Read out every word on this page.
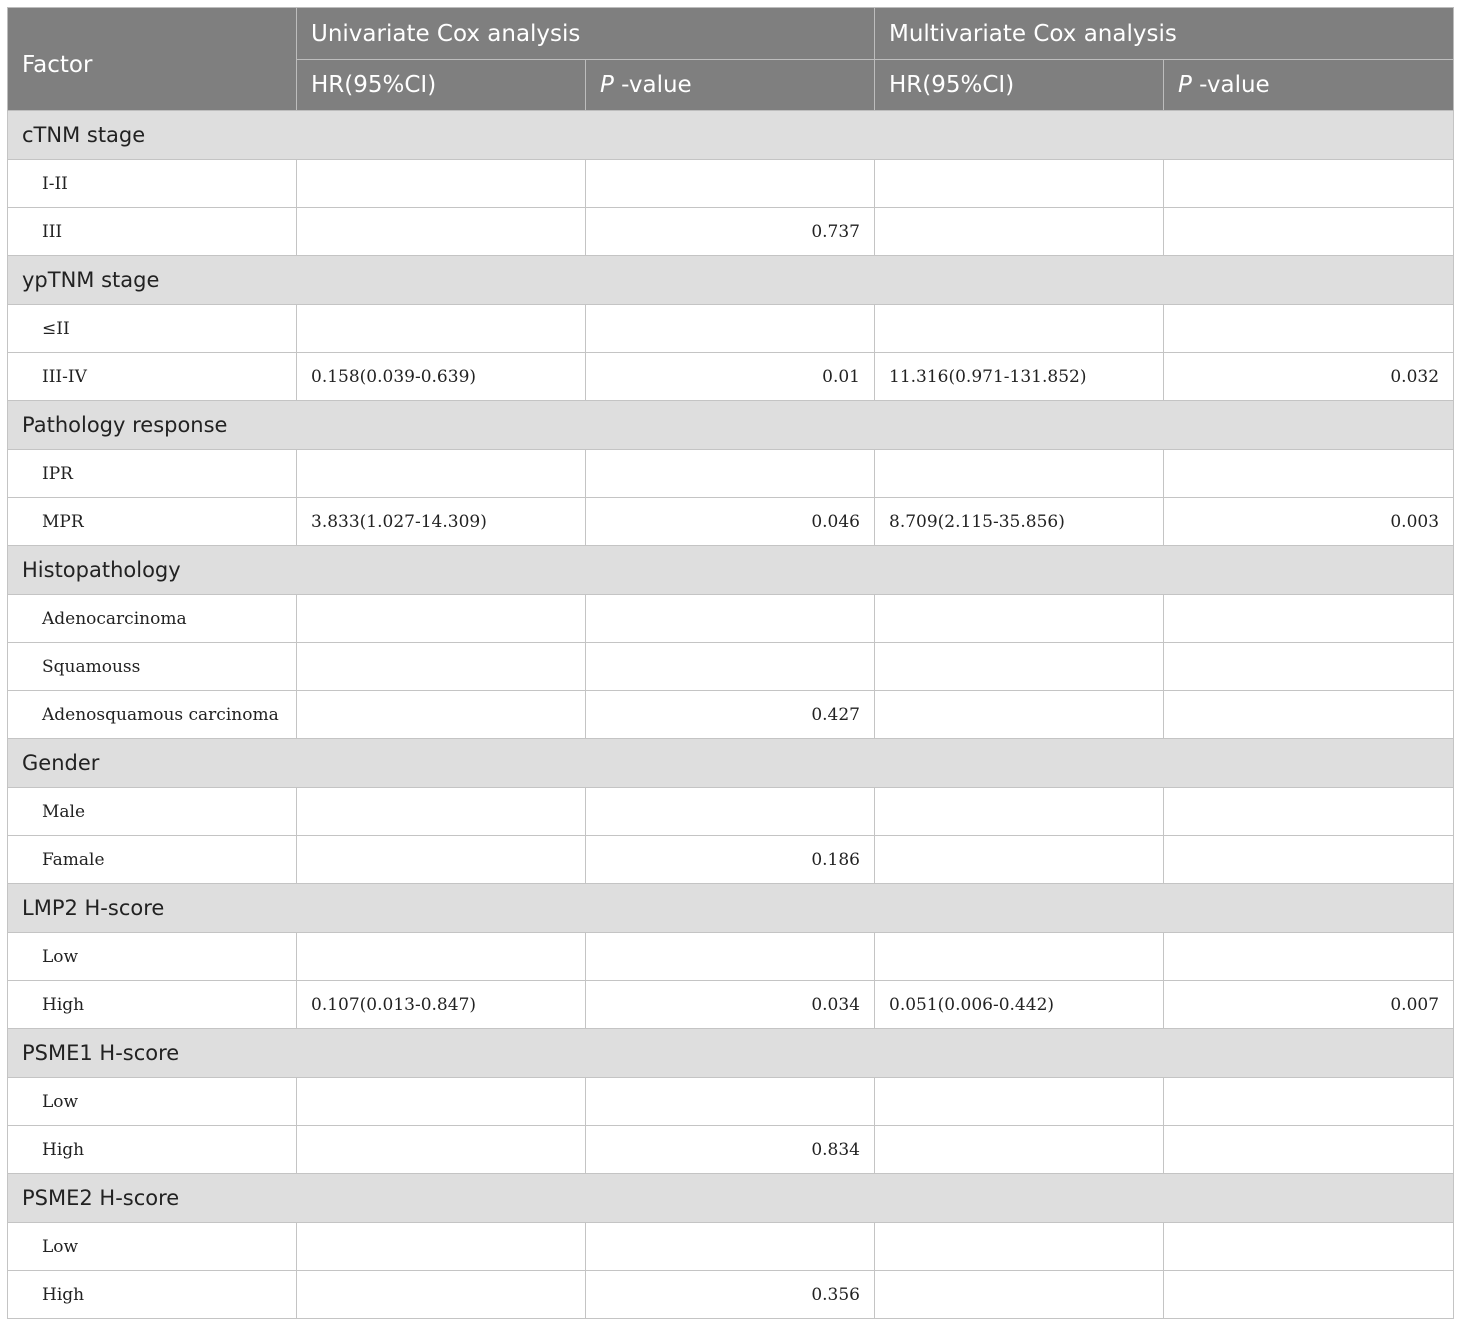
Factor	Univariate Cox analysis		Multivariate Cox analysis	
	HR(95%CI)	P -value	HR(95%CI)	P -value
cTNM stage				
I-II				
III		0.737		
ypTNM stage				
≤II				
III-IV	0.158(0.039-0.639)	0.01	11.316(0.971-131.852)	0.032
Pathology response				
IPR				
MPR	3.833(1.027-14.309)	0.046	8.709(2.115-35.856)	0.003
Histopathology				
Adenocarcinoma				
Squamouss				
Adenosquamous carcinoma		0.427		
Gender				
Male				
Famale		0.186		
LMP2 H-score				
Low				
High	0.107(0.013-0.847)	0.034	0.051(0.006-0.442)	0.007
PSME1 H-score				
Low				
High		0.834		
PSME2 H-score				
Low				
High		0.356		
